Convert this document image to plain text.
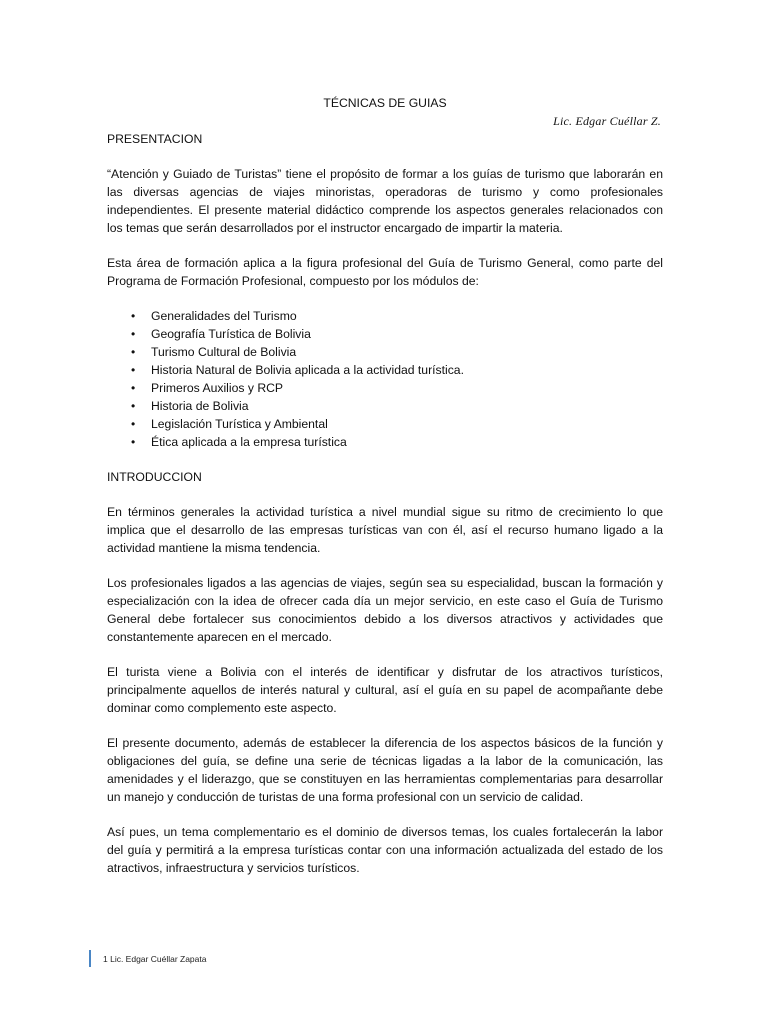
TÉCNICAS DE GUIAS
Lic. Edgar Cuéllar Z.
PRESENTACION

“Atención y Guiado de Turistas” tiene el propósito de formar a los guías de turismo que laborarán en las diversas agencias de viajes minoristas, operadoras de turismo y como profesionales independientes. El presente material didáctico comprende los aspectos generales relacionados con los temas que serán desarrollados por el instructor encargado de impartir la materia.

Esta área de formación aplica a la figura profesional del Guía de Turismo General, como parte del Programa de Formación Profesional, compuesto por los módulos de:

• Generalidades del Turismo
• Geografía Turística de Bolivia
• Turismo Cultural de Bolivia
• Historia Natural de Bolivia aplicada a la actividad turística.
• Primeros Auxilios y RCP
• Historia de Bolivia
• Legislación Turística y Ambiental
• Ética aplicada a la empresa turística
INTRODUCCION

En términos generales la actividad turística a nivel mundial sigue su ritmo de crecimiento lo que implica que el desarrollo de las empresas turísticas van con él, así el recurso humano ligado a la actividad mantiene la misma tendencia.

Los profesionales ligados a las agencias de viajes, según sea su especialidad, buscan la formación y especialización con la idea de ofrecer cada día un mejor servicio, en este caso el Guía de Turismo General debe fortalecer sus conocimientos debido a los diversos atractivos y actividades que constantemente aparecen en el mercado.

El turista viene a Bolivia con el interés de identificar y disfrutar de los atractivos turísticos, principalmente aquellos de interés natural y cultural, así el guía en su papel de acompañante debe dominar como complemento este aspecto.

El presente documento, además de establecer la diferencia de los aspectos básicos de la función y obligaciones del guía, se define una serie de técnicas ligadas a la labor de la comunicación, las amenidades y el liderazgo, que se constituyen en las herramientas complementarias para desarrollar un manejo y conducción de turistas de una forma profesional con un servicio de calidad.

Así pues, un tema complementario es el dominio de diversos temas, los cuales fortalecerán la labor del guía y permitirá a la empresa turísticas contar con una información actualizada del estado de los atractivos, infraestructura y servicios turísticos.

1 Lic. Edgar Cuéllar Zapata
